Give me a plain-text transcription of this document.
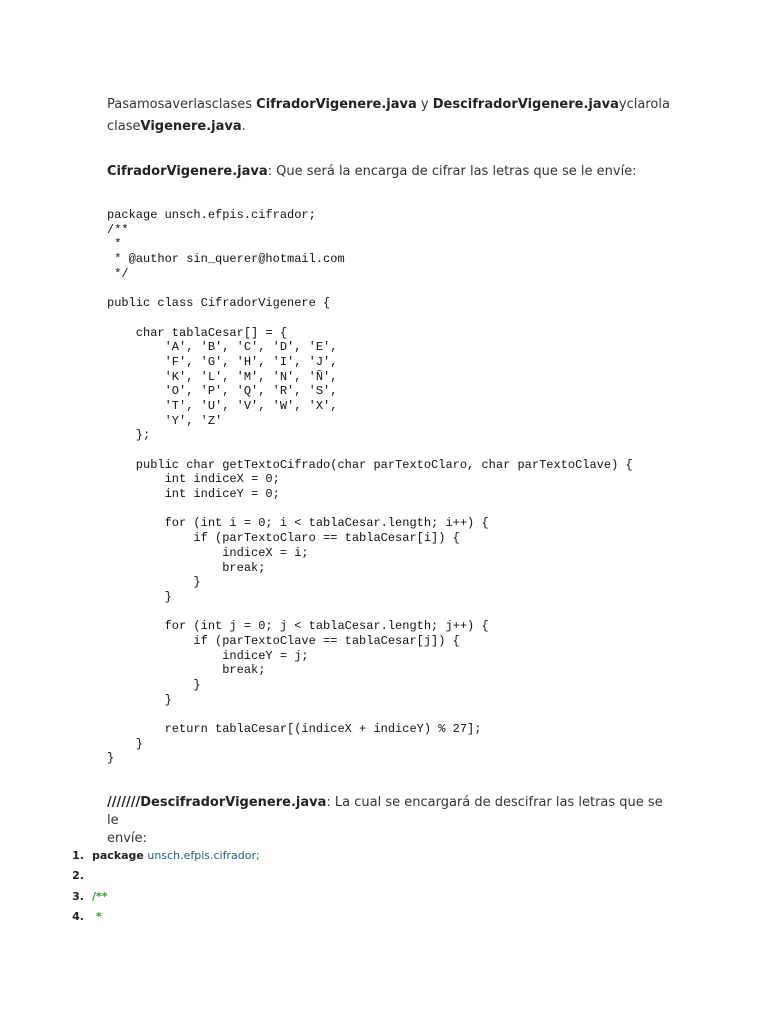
Pasamos a ver las clases CifradorVigenere.java y DescifradorVigenere.java y claro la
claseVigenere.java.
CifradorVigenere.java: Que será la encarga de cifrar las letras que se le envíe:
package unsch.efpis.cifrador;
/**
*
* @author sin_querer@hotmail.com
*/
public class CifradorVigenere {
char tablaCesar[] = {
'A', 'B', 'C', 'D', 'E',
'F', 'G', 'H', 'I', 'J',
'K', 'L', 'M', 'N', 'Ñ',
'O', 'P', 'Q', 'R', 'S',
'T', 'U', 'V', 'W', 'X',
'Y', 'Z'
};
public char getTextoCifrado(char parTextoClaro, char parTextoClave) {
int indiceX = 0;
int indiceY = 0;
for (int i = 0; i < tablaCesar.length; i++) {
if (parTextoClaro == tablaCesar[i]) {
indiceX = i;
break;
}
}
for (int j = 0; j < tablaCesar.length; j++) {
if (parTextoClave == tablaCesar[j]) {
indiceY = j;
break;
}
}
return tablaCesar[(indiceX + indiceY) % 27];
}
}
///////DescifradorVigenere.java: La cual se encargará de descifrar las letras que se le
envíe:
1. package unsch.efpis.cifrador;
2.
3. /**
4. *
